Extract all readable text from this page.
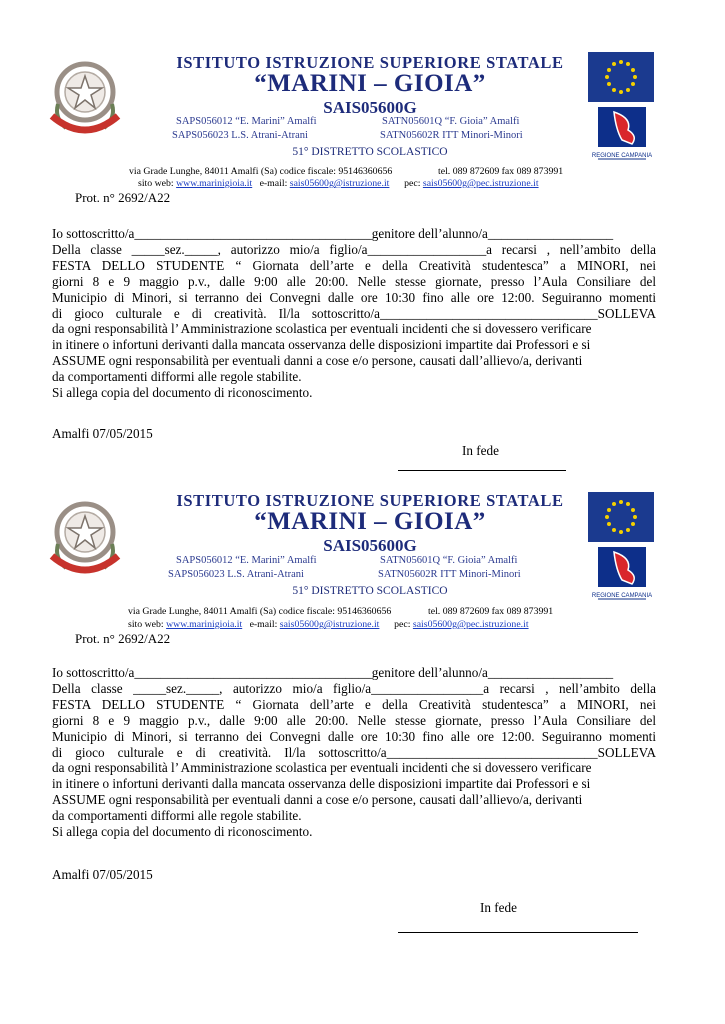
REGIONE CAMPANIA
ISTITUTO ISTRUZIONE SUPERIORE STATALE
“MARINI – GIOIA”
SAIS05600G
SAPS056012 “E. Marini” Amalfi	SATN05601Q “F. Gioia” Amalfi
SAPS056023 L.S. Atrani-Atrani	SATN05602R ITT Minori-Minori
51° DISTRETTO SCOLASTICO
via Grade Lunghe, 84011 Amalfi (Sa) codice fiscale: 95146360656	tel. 089 872609 fax 089 873991
sito web: www.marinigioia.it e-mail: sais05600g@istruzione.it pec: sais05600g@pec.istruzione.it
Prot. n° 2692/A22
Io sottoscritto/a____________________________________genitore dell’alunno/a___________________
Della classe _____sez._____, autorizzo mio/a figlio/a__________________a recarsi , nell’ambito della
FESTA DELLO STUDENTE “ Giornata dell’arte e della Creatività studentesca” a MINORI, nei
giorni 8 e 9 maggio p.v., dalle 9:00 alle 20:00. Nelle stesse giornate, presso l’Aula Consiliare del
Municipio di Minori, si terranno dei Convegni dalle ore 10:30 fino alle ore 12:00. Seguiranno momenti
di gioco culturale e di creatività. Il/la sottoscritto/a_________________________________SOLLEVA
da ogni responsabilità l’ Amministrazione scolastica per eventuali incidenti che si dovessero verificare
in itinere o infortuni derivanti dalla mancata osservanza delle disposizioni impartite dai Professori e si
ASSUME ogni responsabilità per eventuali danni a cose e/o persone, causati dall’allievo/a, derivanti
da comportamenti difformi alle regole stabilite.
Si allega copia del documento di riconoscimento.
Amalfi 07/05/2015
In fede
REGIONE CAMPANIA
ISTITUTO ISTRUZIONE SUPERIORE STATALE
“MARINI – GIOIA”
SAIS05600G
SAPS056012 “E. Marini” Amalfi	SATN05601Q “F. Gioia” Amalfi
SAPS056023 L.S. Atrani-Atrani	SATN05602R ITT Minori-Minori
51° DISTRETTO SCOLASTICO
via Grade Lunghe, 84011 Amalfi (Sa) codice fiscale: 95146360656	tel. 089 872609 fax 089 873991
sito web: www.marinigioia.it e-mail: sais05600g@istruzione.it pec: sais05600g@pec.istruzione.it
Prot. n° 2692/A22
Io sottoscritto/a____________________________________genitore dell’alunno/a___________________
Della classe _____sez._____, autorizzo mio/a figlio/a_________________a recarsi , nell’ambito della
FESTA DELLO STUDENTE “ Giornata dell’arte e della Creatività studentesca” a MINORI, nei
giorni 8 e 9 maggio p.v., dalle 9:00 alle 20:00. Nelle stesse giornate, presso l’Aula Consiliare del
Municipio di Minori, si terranno dei Convegni dalle ore 10:30 fino alle ore 12:00. Seguiranno momenti
di gioco culturale e di creatività. Il/la sottoscritto/a________________________________SOLLEVA
da ogni responsabilità l’ Amministrazione scolastica per eventuali incidenti che si dovessero verificare
in itinere o infortuni derivanti dalla mancata osservanza delle disposizioni impartite dai Professori e si
ASSUME ogni responsabilità per eventuali danni a cose e/o persone, causati dall’allievo/a, derivanti
da comportamenti difformi alle regole stabilite.
Si allega copia del documento di riconoscimento.
Amalfi 07/05/2015
In fede
